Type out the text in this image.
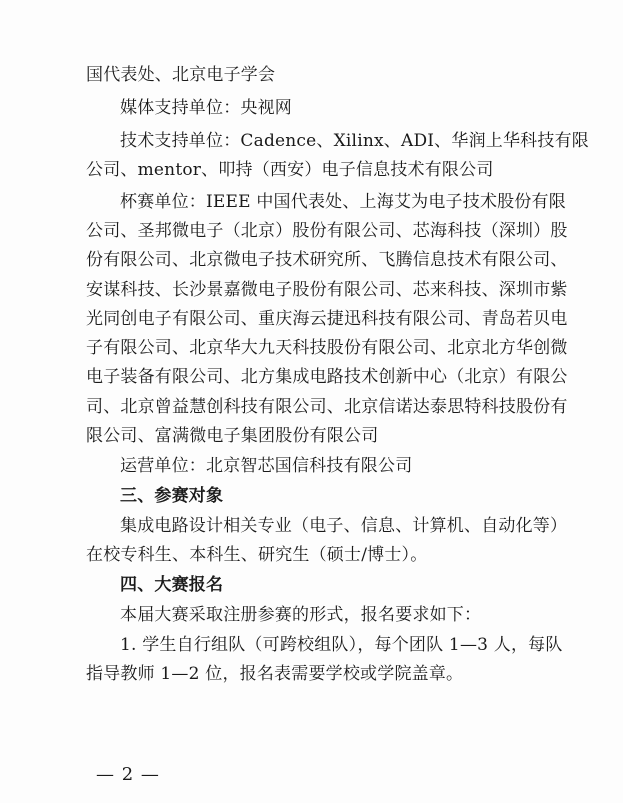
国代表处、北京电子学会
媒体支持单位：央视网
技术支持单位：Cadence、Xilinx、ADI、华润上华科技有限
公司、mentor、叩持（西安）电子信息技术有限公司
杯赛单位：IEEE 中国代表处、上海艾为电子技术股份有限
公司、圣邦微电子（北京）股份有限公司、芯海科技（深圳）股
份有限公司、北京微电子技术研究所、飞腾信息技术有限公司、
安谋科技、长沙景嘉微电子股份有限公司、芯来科技、深圳市紫
光同创电子有限公司、重庆海云捷迅科技有限公司、青岛若贝电
子有限公司、北京华大九天科技股份有限公司、北京北方华创微
电子装备有限公司、北方集成电路技术创新中心（北京）有限公
司、北京曾益慧创科技有限公司、北京信诺达泰思特科技股份有
限公司、富满微电子集团股份有限公司
运营单位：北京智芯国信科技有限公司
三、参赛对象
集成电路设计相关专业（电子、信息、计算机、自动化等）
在校专科生、本科生、研究生（硕士/博士）。
四、大赛报名
本届大赛采取注册参赛的形式，报名要求如下：
1. 学生自行组队（可跨校组队），每个团队 1—3 人，每队
指导教师 1—2 位，报名表需要学校或学院盖章。
— 2 —
